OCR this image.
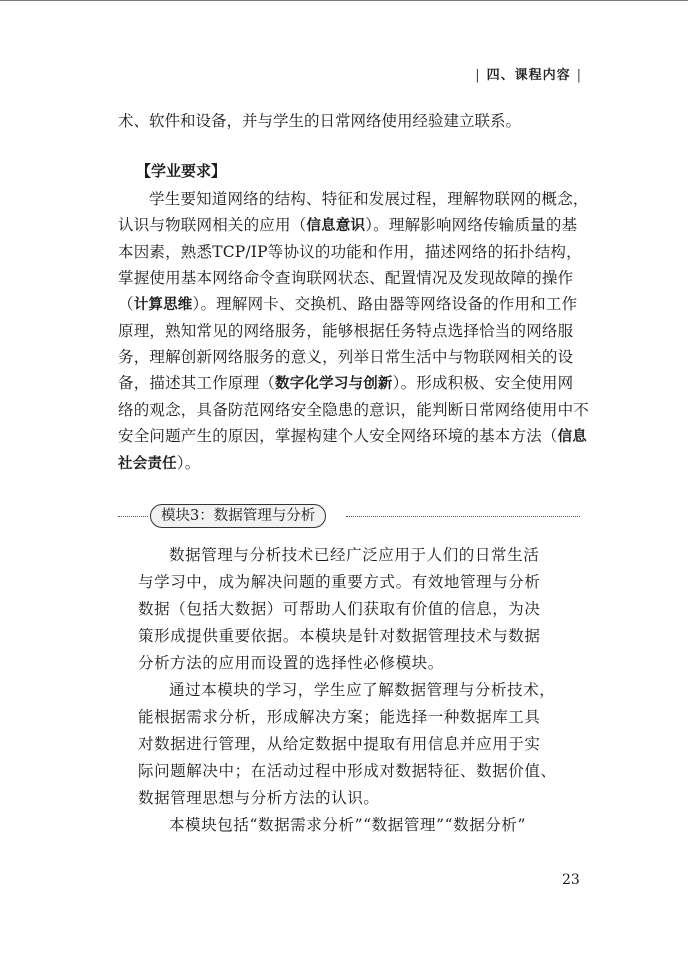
| 四、课程内容 |

术、软件和设备，并与学生的日常网络使用经验建立联系。

【学业要求】
学生要知道网络的结构、特征和发展过程，理解物联网的概念，
认识与物联网相关的应用（信息意识）。理解影响网络传输质量的基
本因素，熟悉TCP/IP等协议的功能和作用，描述网络的拓扑结构，
掌握使用基本网络命令查询联网状态、配置情况及发现故障的操作
（计算思维）。理解网卡、交换机、路由器等网络设备的作用和工作
原理，熟知常见的网络服务，能够根据任务特点选择恰当的网络服
务，理解创新网络服务的意义，列举日常生活中与物联网相关的设
备，描述其工作原理（数字化学习与创新）。形成积极、安全使用网
络的观念，具备防范网络安全隐患的意识，能判断日常网络使用中不
安全问题产生的原因，掌握构建个人安全网络环境的基本方法（信息
社会责任）。
模块3：数据管理与分析
数据管理与分析技术已经广泛应用于人们的日常生活
与学习中，成为解决问题的重要方式。有效地管理与分析
数据（包括大数据）可帮助人们获取有价值的信息，为决
策形成提供重要依据。本模块是针对数据管理技术与数据
分析方法的应用而设置的选择性必修模块。
通过本模块的学习，学生应了解数据管理与分析技术，
能根据需求分析，形成解决方案；能选择一种数据库工具
对数据进行管理，从给定数据中提取有用信息并应用于实
际问题解决中；在活动过程中形成对数据特征、数据价值、
数据管理思想与分析方法的认识。
本模块包括“数据需求分析”“数据管理”“数据分析”
23
